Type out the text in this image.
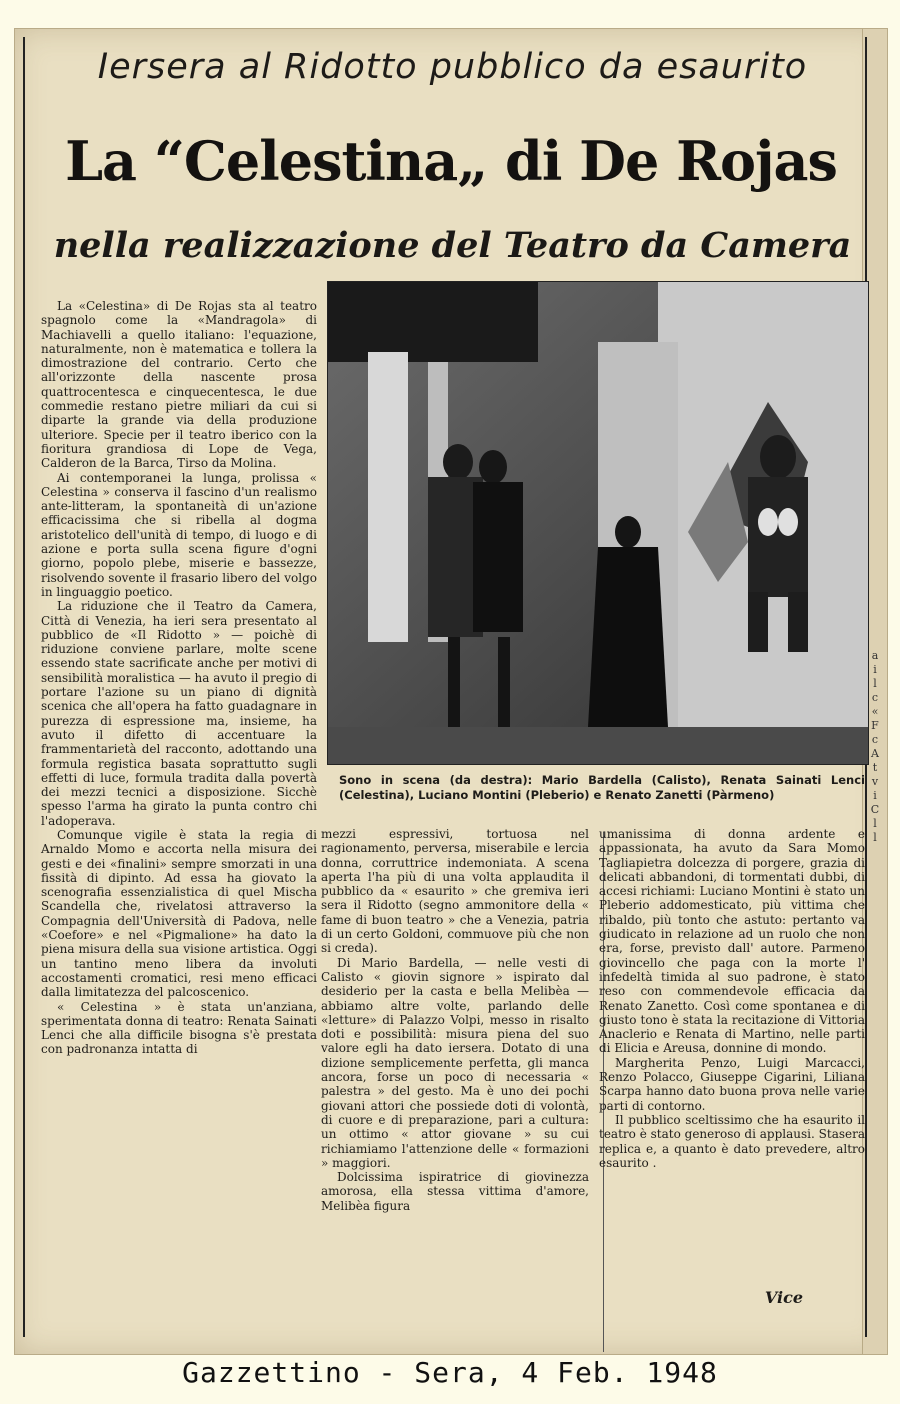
a
i
l
c
«
F
c
A
t
v
i
C
l
l
Iersera al Ridotto pubblico da esaurito
La “Celestina„ di De Rojas
nella realizzazione del Teatro da Camera

La «Celestina» di De Rojas sta al teatro spagnolo come la «Mandragola» di Machiavelli a quello italiano: l'equazione, naturalmente, non è matematica e tollera la dimostrazione del contrario. Certo che all'orizzonte della nascente prosa quattrocentesca e cinquecentesca, le due commedie restano pietre miliari da cui si diparte la grande via della produzione ulteriore. Specie per il teatro iberico con la fioritura grandiosa di Lope de Vega, Calderon de la Barca, Tirso da Molina.

Ai contemporanei la lunga, prolissa « Celestina » conserva il fascino d'un realismo ante-litteram, la spontaneità di un'azione efficacissima che si ribella al dogma aristotelico dell'unità di tempo, di luogo e di azione e porta sulla scena figure d'ogni giorno, popolo plebe, miserie e bassezze, risolvendo sovente il frasario libero del volgo in linguaggio poetico.

La riduzione che il Teatro da Camera, Città di Venezia, ha ieri sera presentato al pubblico de «Il Ridotto » — poichè di riduzione conviene parlare, molte scene essendo state sacrificate anche per motivi di sensibilità moralistica — ha avuto il pregio di portare l'azione su un piano di dignità scenica che all'opera ha fatto guadagnare in purezza di espressione ma, insieme, ha avuto il difetto di accentuare la frammentarietà del racconto, adottando una formula registica basata soprattutto sugli effetti di luce, formula tradita dalla povertà dei mezzi tecnici a disposizione. Sicchè spesso l'arma ha girato la punta contro chi l'adoperava.

Comunque vigile è stata la regia di Arnaldo Momo e accorta nella misura dei gesti e dei «finalini» sempre smorzati in una fissità di dipinto. Ad essa ha giovato la scenografia essenzialistica di quel Mischa Scandella che, rivelatosi attraverso la Compagnia dell'Università di Padova, nelle «Coefore» e nel «Pigmalione» ha dato la piena misura della sua visione artistica. Oggi un tantino meno libera da involuti accostamenti cromatici, resi meno efficaci dalla limitatezza del palcoscenico.

« Celestina » è stata un'anziana, sperimentata donna di teatro: Renata Sainati Lenci che alla difficile bisogna s'è prestata con padronanza intatta di

Sono in scena (da destra): Mario Bardella (Calisto), Renata Sainati Lenci (Celestina), Luciano Montini (Pleberio) e Renato Zanetti (Pàrmeno)

mezzi espressivi, tortuosa nel ragionamento, perversa, miserabile e lercia donna, corruttrice indemoniata. A scena aperta l'ha più di una volta applaudita il pubblico da « esaurito » che gremiva ieri sera il Ridotto (segno ammonitore della « fame di buon teatro » che a Venezia, patria di un certo Goldoni, commuove più che non si creda).

Di Mario Bardella, — nelle vesti di Calisto « giovin signore » ispirato dal desiderio per la casta e bella Melibèa — abbiamo altre volte, parlando delle «letture» di Palazzo Volpi, messo in risalto doti e possibilità: misura piena del suo valore egli ha dato iersera. Dotato di una dizione semplicemente perfetta, gli manca ancora, forse un poco di necessaria « palestra » del gesto. Ma è uno dei pochi giovani attori che possiede doti di volontà, di cuore e di preparazione, pari a cultura: un ottimo « attor giovane » su cui richiamiamo l'attenzione delle « formazioni » maggiori.

Dolcissima ispiratrice di giovinezza amorosa, ella stessa vittima d'amore, Melibèa figura

umanissima di donna ardente e appassionata, ha avuto da Sara Momo Tagliapietra dolcezza di porgere, grazia di delicati abbandoni, di tormentati dubbi, di accesi richiami: Luciano Montini è stato un Pleberio addomesticato, più vittima che ribaldo, più tonto che astuto: pertanto va giudicato in relazione ad un ruolo che non era, forse, previsto dall' autore. Parmeno giovincello che paga con la morte l' infedeltà timida al suo padrone, è stato reso con commendevole efficacia da Renato Zanetto. Così come spontanea e di giusto tono è stata la recitazione di Vittoria Anaclerio e Renata di Martino, nelle parti di Elicia e Areusa, donnine di mondo.

Margherita Penzo, Luigi Marcacci, Renzo Polacco, Giuseppe Cigarini, Liliana Scarpa hanno dato buona prova nelle varie parti di contorno.

Il pubblico sceltissimo che ha esaurito il teatro è stato generoso di applausi. Stasera replica e, a quanto è dato prevedere, altro esaurito .

Vice
Gazzettino - Sera, 4 Feb. 1948
